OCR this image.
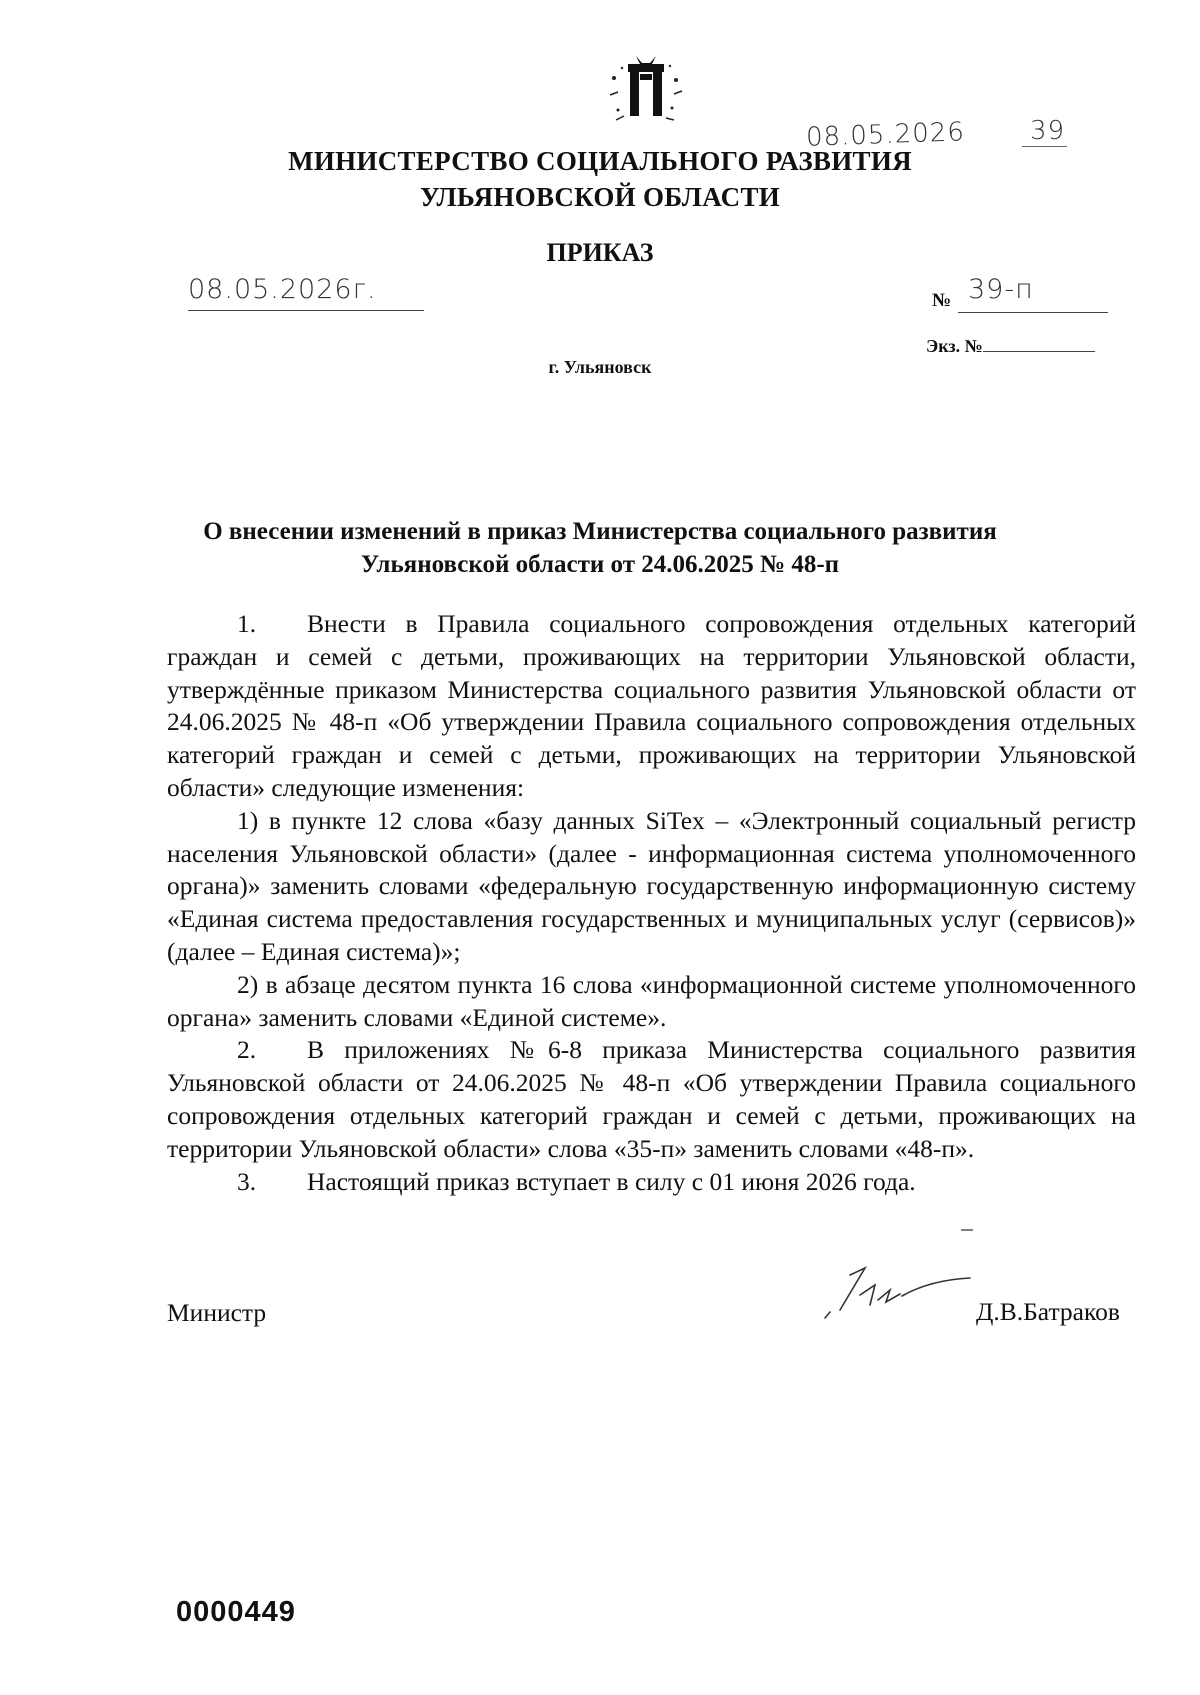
08.05.2026 39
МИНИСТЕРСТВО СОЦИАЛЬНОГО РАЗВИТИЯ
УЛЬЯНОВСКОЙ ОБЛАСТИ
ПРИКАЗ
08.05.2026г.	№ 39-п
Экз. №
г. Ульяновск
О внесении изменений в приказ Министерства социального развития
Ульяновской области от 24.06.2025 № 48-п

1. Внести в Правила социального сопровождения отдельных категорий граждан и семей с детьми, проживающих на территории Ульяновской области, утверждённые приказом Министерства социального развития Ульяновской области от 24.06.2025 № 48-п «Об утверждении Правила социального сопровождения отдельных категорий граждан и семей с детьми, проживающих на территории Ульяновской области» следующие изменения:

1) в пункте 12 слова «базу данных SiTex – «Электронный социальный регистр населения Ульяновской области» (далее - информационная система уполномоченного органа)» заменить словами «федеральную государственную информационную систему «Единая система предоставления государственных и муниципальных услуг (сервисов)» (далее – Единая система)»;

2) в абзаце десятом пункта 16 слова «информационной системе уполномоченного органа» заменить словами «Единой системе».

2. В приложениях №6-8 приказа Министерства социального развития Ульяновской области от 24.06.2025 № 48-п «Об утверждении Правила социального сопровождения отдельных категорий граждан и семей с детьми, проживающих на территории Ульяновской области» слова «35-п» заменить словами «48-п».

3. Настоящий приказ вступает в силу с 01 июня 2026 года.

Министр	Д.В.Батраков
0000449
